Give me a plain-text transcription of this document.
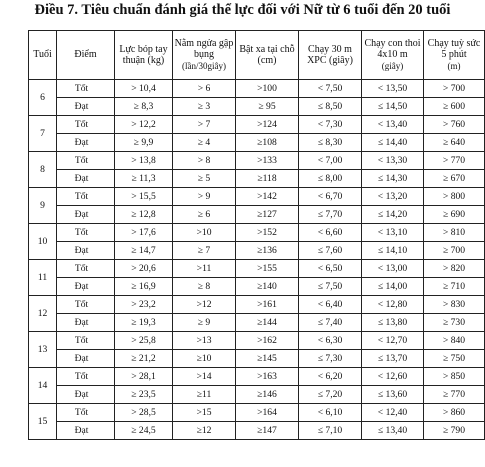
Điều 7. Tiêu chuẩn đánh giá thể lực đối với Nữ từ 6 tuổi đến 20 tuổi
Tuổi	Điểm	Lực bóp tay thuận (kg)	Nằm ngửa gập bụng
(lần/30giây)	Bật xa tại chỗ (cm)	Chạy 30 m XPC (giây)	Chạy con thoi 4x10 m
(giây)	Chạy tuỳ sức 5 phút
(m)
6	Tốt	> 10,4	> 6	>100	< 7,50	< 13,50	> 700
	Đạt	≥ 8,3	≥ 3	≥ 95	≤ 8,50	≤ 14,50	≥ 600
7	Tốt	> 12,2	> 7	>124	< 7,30	< 13,40	> 760
	Đạt	≥ 9,9	≥ 4	≥108	≤ 8,30	≤ 14,40	≥ 640
8	Tốt	> 13,8	> 8	>133	< 7,00	< 13,30	> 770
	Đạt	≥ 11,3	≥ 5	≥118	≤ 8,00	≤ 14,30	≥ 670
9	Tốt	> 15,5	> 9	>142	< 6,70	< 13,20	> 800
	Đạt	≥ 12,8	≥ 6	≥127	≤ 7,70	≤ 14,20	≥ 690
10	Tốt	> 17,6	>10	>152	< 6,60	< 13,10	> 810
	Đạt	≥ 14,7	≥ 7	≥136	≤ 7,60	≤ 14,10	≥ 700
11	Tốt	> 20,6	>11	>155	< 6,50	< 13,00	> 820
	Đạt	≥ 16,9	≥ 8	≥140	≤ 7,50	≤ 14,00	≥ 710
12	Tốt	> 23,2	>12	>161	< 6,40	< 12,80	> 830
	Đạt	≥ 19,3	≥ 9	≥144	≤ 7,40	≤ 13,80	≥ 730
13	Tốt	> 25,8	>13	>162	< 6,30	< 12,70	> 840
	Đạt	≥ 21,2	≥10	≥145	≤ 7,30	≤ 13,70	≥ 750
14	Tốt	> 28,1	>14	>163	< 6,20	< 12,60	> 850
	Đạt	≥ 23,5	≥11	≥146	≤ 7,20	≤ 13,60	≥ 770
15	Tốt	> 28,5	>15	>164	< 6,10	< 12,40	> 860
	Đạt	≥ 24,5	≥12	≥147	≤ 7,10	≤ 13,40	≥ 790
